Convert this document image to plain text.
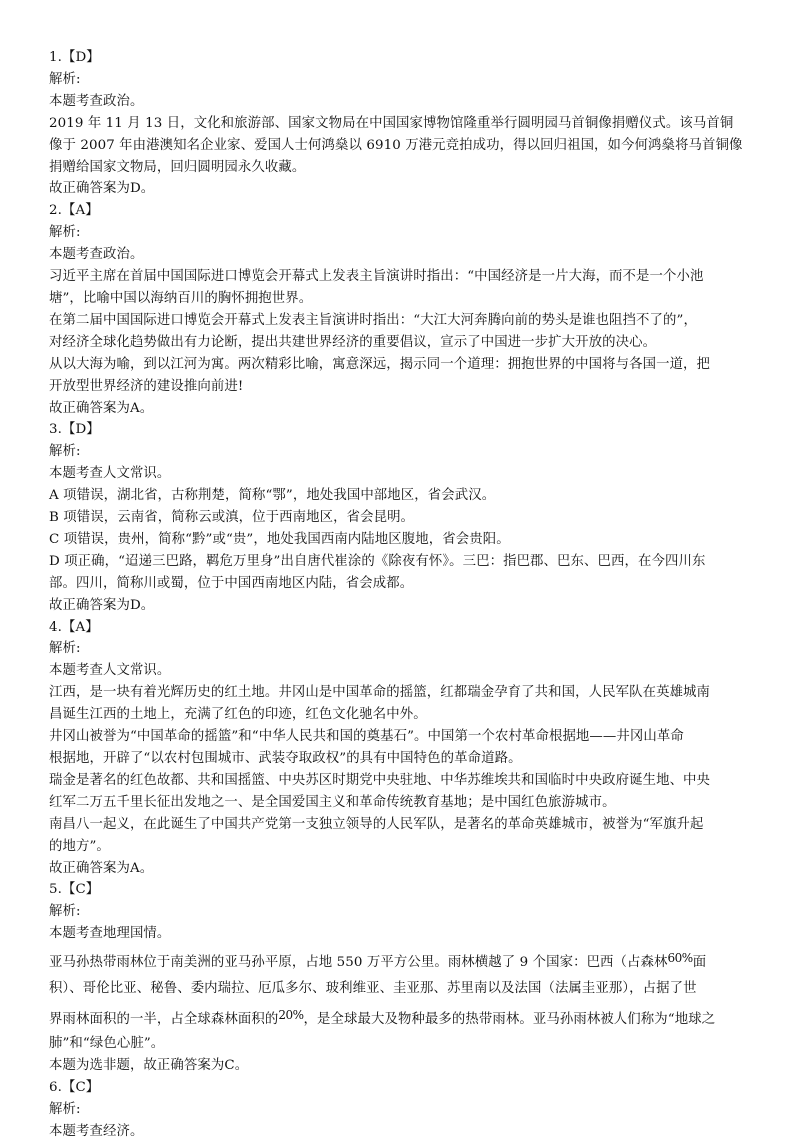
1.【D】
解析:
本题考查政治。
2019 年 11 月 13 日，文化和旅游部、国家文物局在中国国家博物馆隆重举行圆明园马首铜像捐赠仪式。该马首铜
像于 2007 年由港澳知名企业家、爱国人士何鸿燊以 6910 万港元竞拍成功，得以回归祖国，如今何鸿燊将马首铜像
捐赠给国家文物局，回归圆明园永久收藏。
故正确答案为D。
2.【A】
解析:
本题考查政治。
习近平主席在首届中国国际进口博览会开幕式上发表主旨演讲时指出：“中国经济是一片大海，而不是一个小池
塘”，比喻中国以海纳百川的胸怀拥抱世界。
在第二届中国国际进口博览会开幕式上发表主旨演讲时指出：“大江大河奔腾向前的势头是谁也阻挡不了的”，
对经济全球化趋势做出有力论断，提出共建世界经济的重要倡议，宣示了中国进一步扩大开放的决心。
从以大海为喻，到以江河为寓。两次精彩比喻，寓意深远，揭示同一个道理：拥抱世界的中国将与各国一道，把
开放型世界经济的建设推向前进!
故正确答案为A。
3.【D】
解析:
本题考查人文常识。
A 项错误，湖北省，古称荆楚，简称“鄂”，地处我国中部地区，省会武汉。
B 项错误，云南省，简称云或滇，位于西南地区，省会昆明。
C 项错误，贵州，简称“黔”或“贵”，地处我国西南内陆地区腹地，省会贵阳。
D 项正确，“迢递三巴路，羁危万里身”出自唐代崔涂的《除夜有怀》。三巴：指巴郡、巴东、巴西，在今四川东
部。四川，简称川或蜀，位于中国西南地区内陆，省会成都。
故正确答案为D。
4.【A】
解析:
本题考查人文常识。
江西，是一块有着光辉历史的红土地。井冈山是中国革命的摇篮，红都瑞金孕育了共和国，人民军队在英雄城南
昌诞生江西的土地上，充满了红色的印迹，红色文化驰名中外。
井冈山被誉为“中国革命的摇篮”和“中华人民共和国的奠基石”。中国第一个农村革命根据地——井冈山革命
根据地，开辟了“以农村包围城市、武装夺取政权”的具有中国特色的革命道路。
瑞金是著名的红色故都、共和国摇篮、中央苏区时期党中央驻地、中华苏维埃共和国临时中央政府诞生地、中央
红军二万五千里长征出发地之一、是全国爱国主义和革命传统教育基地；是中国红色旅游城市。
南昌八一起义，在此诞生了中国共产党第一支独立领导的人民军队，是著名的革命英雄城市，被誉为“军旗升起
的地方”。
故正确答案为A。
5.【C】
解析:
本题考查地理国情。
亚马孙热带雨林位于南美洲的亚马孙平原，占地 550 万平方公里。雨林横越了 9 个国家：巴西（占森林60%面
积）、哥伦比亚、秘鲁、委内瑞拉、厄瓜多尔、玻利维亚、圭亚那、苏里南以及法国（法属圭亚那），占据了世
界雨林面积的一半，占全球森林面积的20%，是全球最大及物种最多的热带雨林。亚马孙雨林被人们称为“地球之
肺”和“绿色心脏”。
本题为选非题，故正确答案为C。
6.【C】
解析:
本题考查经济。
